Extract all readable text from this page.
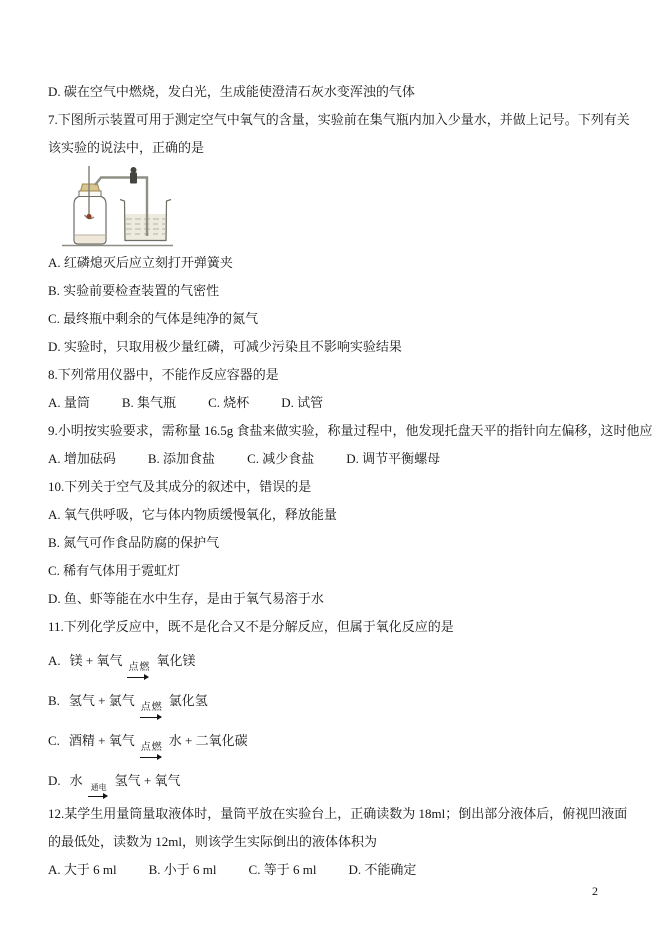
D. 碳在空气中燃烧，发白光，生成能使澄清石灰水变浑浊的气体

7.下图所示装置可用于测定空气中氧气的含量，实验前在集气瓶内加入少量水，并做上记号。下列有关该实验的说法中，正确的是

A. 红磷熄灭后应立刻打开弹簧夹

B. 实验前要检查装置的气密性

C. 最终瓶中剩余的气体是纯净的氮气

D. 实验时，只取用极少量红磷，可减少污染且不影响实验结果

8.下列常用仪器中，不能作反应容器的是

A. 量筒 B. 集气瓶 C. 烧杯 D. 试管

9.小明按实验要求，需称量 16.5g 食盐来做实验，称量过程中，他发现托盘天平的指针向左偏移，这时他应

A. 增加砝码 B. 添加食盐 C. 减少食盐 D. 调节平衡螺母

10.下列关于空气及其成分的叙述中，错误的是

A. 氧气供呼吸，它与体内物质缓慢氧化，释放能量

B. 氮气可作食品防腐的保护气

C. 稀有气体用于霓虹灯

D. 鱼、虾等能在水中生存，是由于氧气易溶于水

11.下列化学反应中，既不是化合又不是分解反应，但属于氧化反应的是

A. 镁 + 氧气 点燃 氧化镁

B. 氢气 + 氯气 点燃 氯化氢

C. 酒精 + 氧气 点燃 水 + 二氧化碳

D. 水 通电 氢气 + 氧气

12.某学生用量筒量取液体时，量筒平放在实验台上，正确读数为 18ml；倒出部分液体后，俯视凹液面的最低处，读数为 12ml，则该学生实际倒出的液体体积为

A. 大于 6 ml B. 小于 6 ml C. 等于 6 ml D. 不能确定
2
